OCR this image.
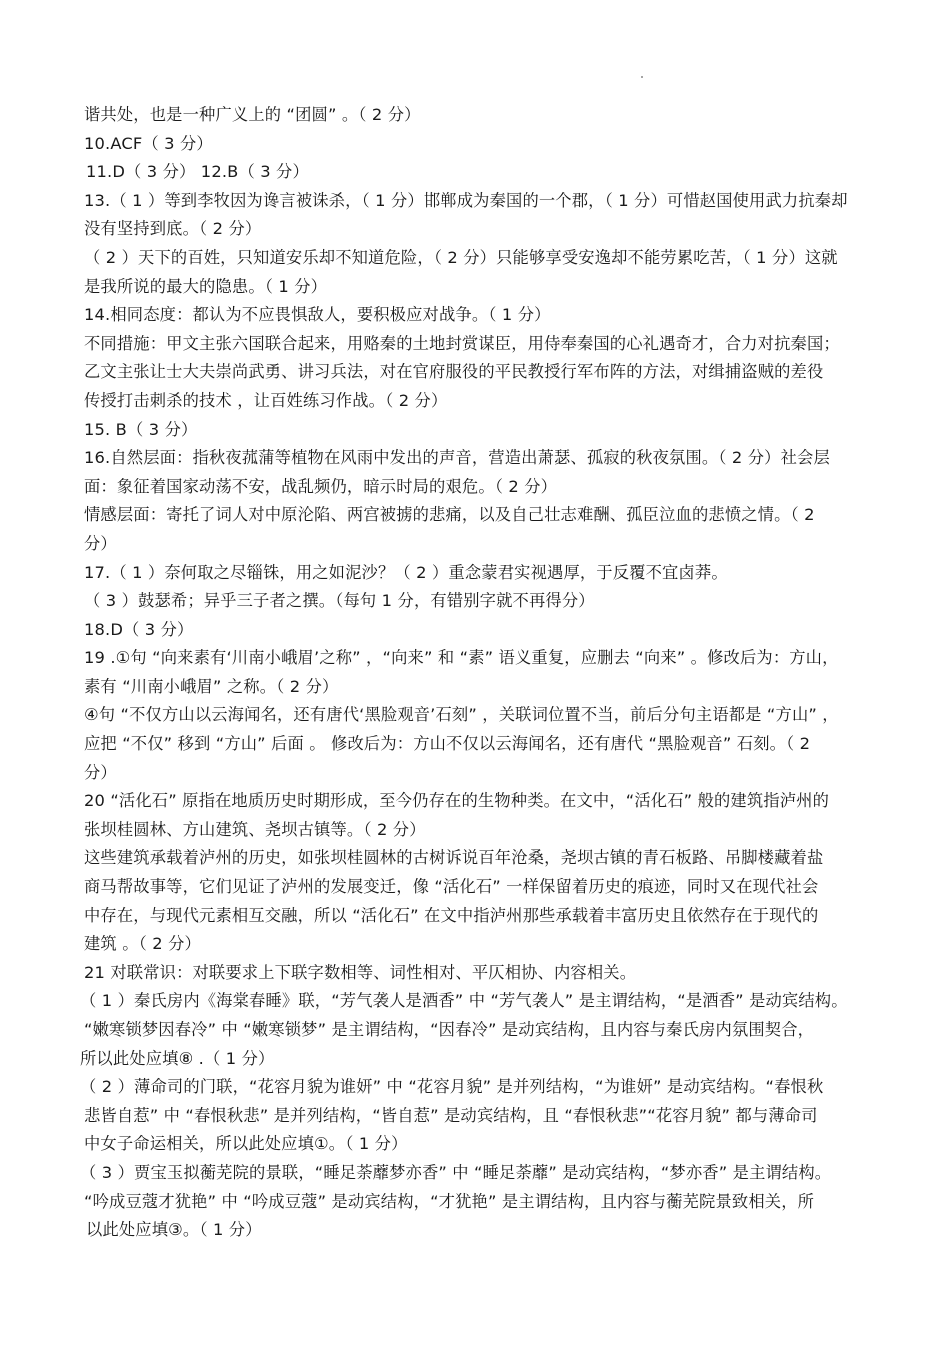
谐共处，也是一种广义上的 “团圆” 。（ 2 分）
10.ACF（ 3 分）
11.D（ 3 分） 12.B（ 3 分）
13.（ 1 ）等到李牧因为谗言被诛杀，（ 1 分）邯郸成为秦国的一个郡，（ 1 分）可惜赵国使用武力抗秦却
没有坚持到底。（ 2 分）
（ 2 ）天下的百姓，只知道安乐却不知道危险，（ 2 分）只能够享受安逸却不能劳累吃苦，（ 1 分）这就
是我所说的最大的隐患。（ 1 分）
14.相同态度：都认为不应畏惧敌人，要积极应对战争。（ 1 分）
不同措施：甲文主张六国联合起来，用赂秦的土地封赏谋臣，用侍奉秦国的心礼遇奇才，合力对抗秦国；
乙文主张让士大夫崇尚武勇、讲习兵法，对在官府服役的平民教授行军布阵的方法，对缉捕盗贼的差役
传授打击刺杀的技术 ，让百姓练习作战。（ 2 分）
15. B（ 3 分）
16.自然层面：指秋夜菰蒲等植物在风雨中发出的声音，营造出萧瑟、孤寂的秋夜氛围。（ 2 分）社会层
面：象征着国家动荡不安，战乱频仍，暗示时局的艰危。（ 2 分）
情感层面：寄托了词人对中原沦陷、两宫被掳的悲痛，以及自己壮志难酬、孤臣泣血的悲愤之情。（ 2
分）
17.（ 1 ）奈何取之尽锱铢，用之如泥沙？（ 2 ）重念蒙君实视遇厚，于反覆不宜卤莽。
（ 3 ）鼓瑟希；异乎三子者之撰。（每句 1 分，有错别字就不再得分）
18.D（ 3 分）
19 .①句 “向来素有‘川南小峨眉’之称” ，“向来” 和 “素” 语义重复，应删去 “向来” 。修改后为：方山，
素有 “川南小峨眉” 之称。（ 2 分）
④句 “不仅方山以云海闻名，还有唐代‘黑脸观音’石刻” ，关联词位置不当，前后分句主语都是 “方山” ，
应把 “不仅” 移到 “方山” 后面 。 修改后为：方山不仅以云海闻名，还有唐代 “黑脸观音” 石刻。（ 2
分）
20 “活化石” 原指在地质历史时期形成，至今仍存在的生物种类。在文中，“活化石” 般的建筑指泸州的
张坝桂圆林、方山建筑、尧坝古镇等。（ 2 分）
这些建筑承载着泸州的历史，如张坝桂圆林的古树诉说百年沧桑，尧坝古镇的青石板路、吊脚楼藏着盐
商马帮故事等，它们见证了泸州的发展变迁，像 “活化石” 一样保留着历史的痕迹，同时又在现代社会
中存在，与现代元素相互交融，所以 “活化石” 在文中指泸州那些承载着丰富历史且依然存在于现代的
建筑 。（ 2 分）
21 对联常识：对联要求上下联字数相等、词性相对、平仄相协、内容相关。
（ 1 ）秦氏房内《海棠春睡》联，“芳气袭人是酒香” 中 “芳气袭人” 是主谓结构，“是酒香” 是动宾结构。
“嫩寒锁梦因春冷” 中 “嫩寒锁梦” 是主谓结构，“因春冷” 是动宾结构，且内容与秦氏房内氛围契合，
所以此处应填⑧ .（ 1 分）
（ 2 ）薄命司的门联，“花容月貌为谁妍” 中 “花容月貌” 是并列结构，“为谁妍” 是动宾结构。“春恨秋
悲皆自惹” 中 “春恨秋悲” 是并列结构，“皆自惹” 是动宾结构，且 “春恨秋悲”“花容月貌” 都与薄命司
中女子命运相关，所以此处应填①。（ 1 分）
（ 3 ）贾宝玉拟蘅芜院的景联，“睡足荼蘼梦亦香” 中 “睡足荼蘼” 是动宾结构，“梦亦香” 是主谓结构。
“吟成豆蔻才犹艳” 中 “吟成豆蔻” 是动宾结构，“才犹艳” 是主谓结构，且内容与蘅芜院景致相关，所
以此处应填③。（ 1 分）
